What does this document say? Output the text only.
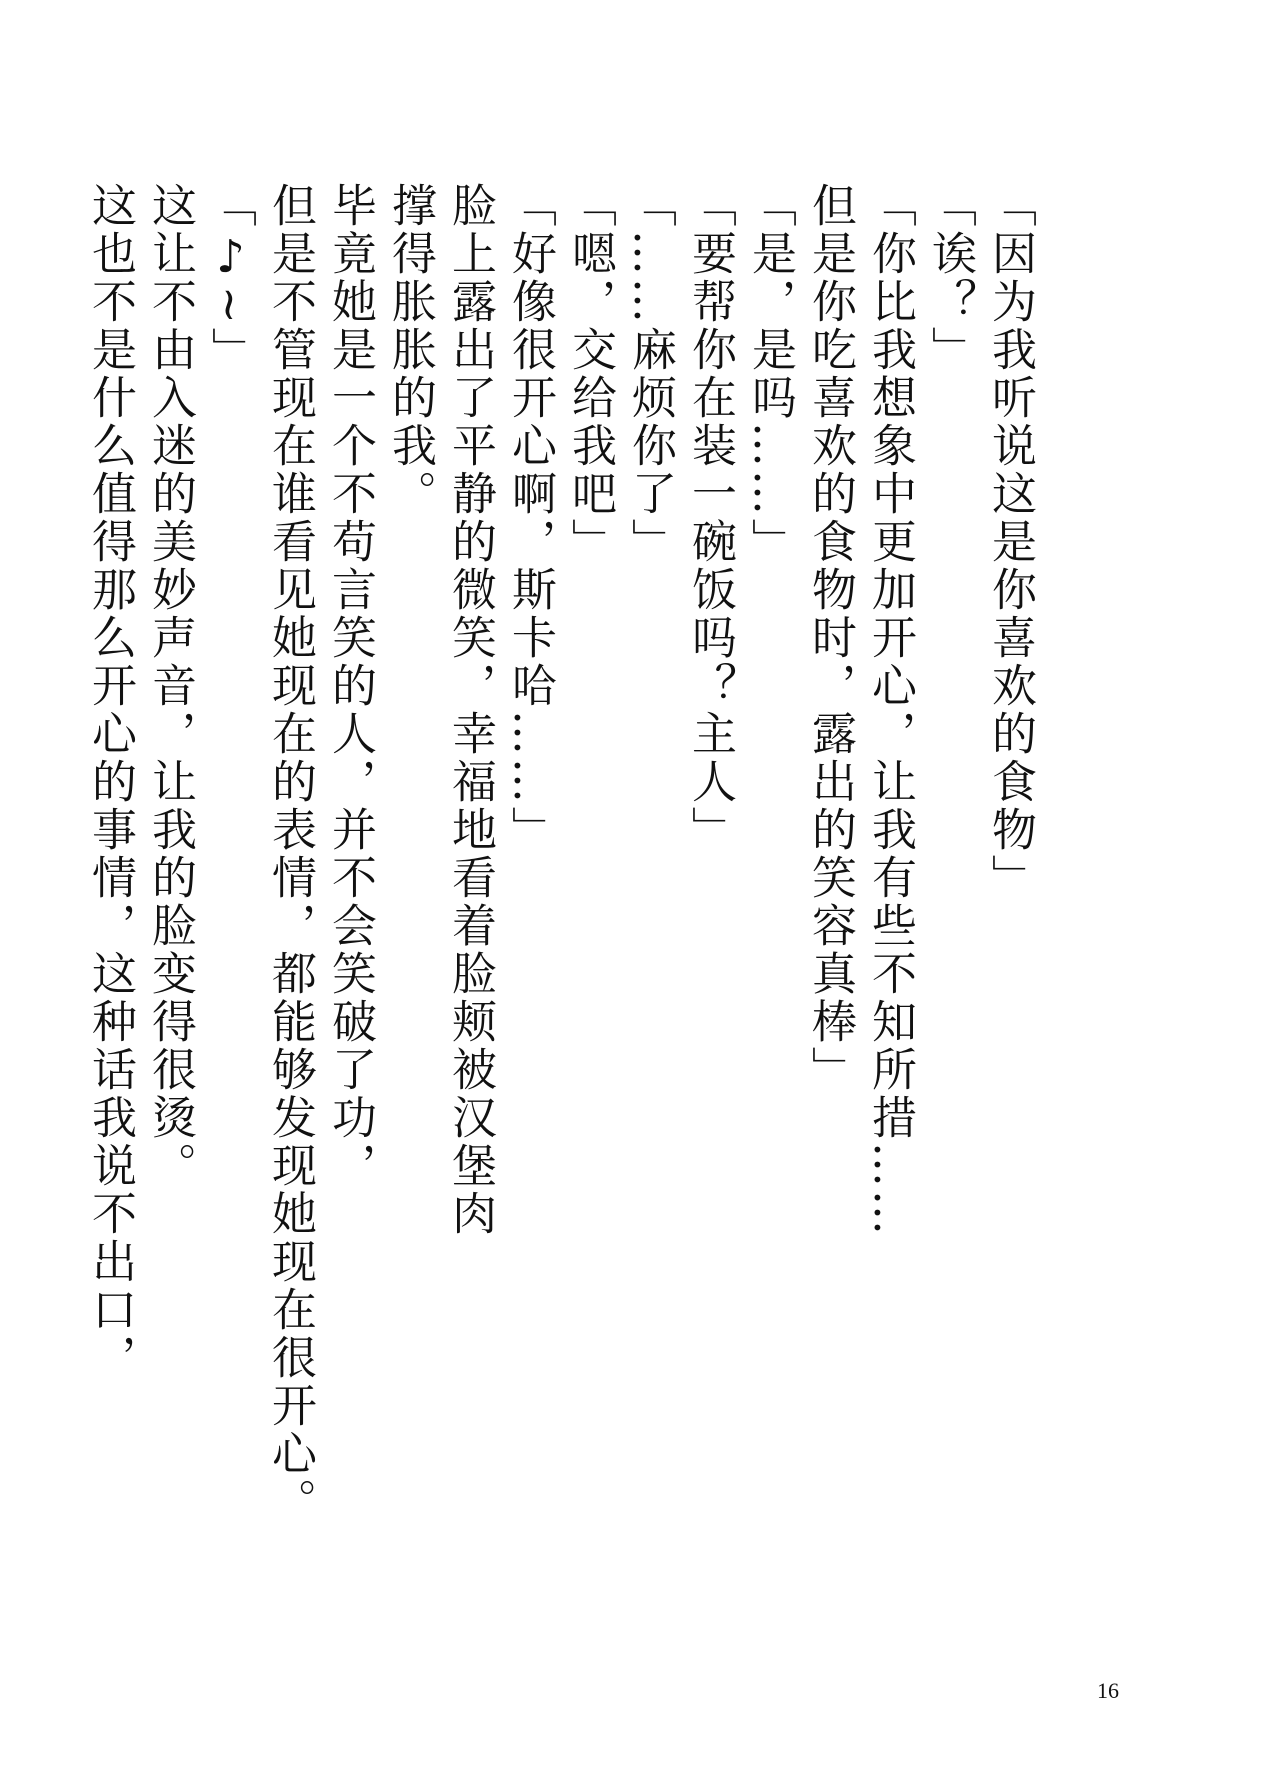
「因为我听说这是你喜欢的食物」
「诶？」
「你比我想象中更加开心，让我有些不知所措……
但是你吃喜欢的食物时，露出的笑容真棒」
「是，是吗……」
「要帮你在装一碗饭吗？主人」
「……麻烦你了」
「嗯，交给我吧」
「好像很开心啊，斯卡哈……」
脸上露出了平静的微笑，幸福地看着脸颊被汉堡肉
撑得胀胀的我。
毕竟她是一个不苟言笑的人，并不会笑破了功，
但是不管现在谁看见她现在的表情，都能够发现她现在很开心。
「♪~」
这让不由入迷的美妙声音，让我的脸变得很烫。
这也不是什么值得那么开心的事情，这种话我说不出口，
16
